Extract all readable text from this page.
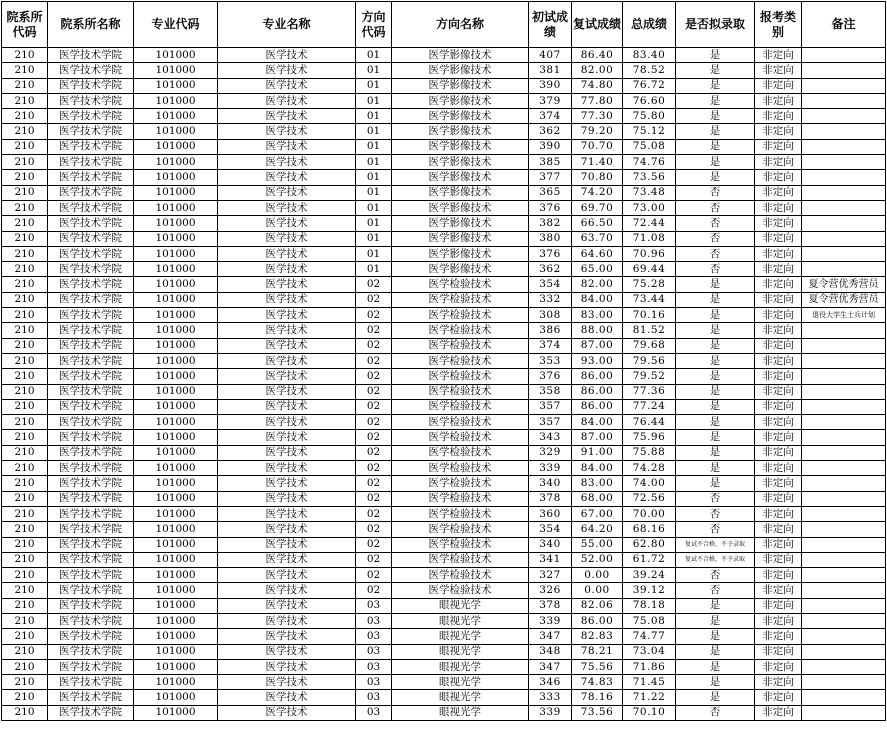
院系所代码	院系所名称	专业代码	专业名称	方向代码	方向名称	初试成绩	复试成绩	总成绩	是否拟录取	报考类别	备注
210	医学技术学院	101000	医学技术	01	医学影像技术	407	86.40	83.40	是	非定向	
210	医学技术学院	101000	医学技术	01	医学影像技术	381	82.00	78.52	是	非定向	
210	医学技术学院	101000	医学技术	01	医学影像技术	390	74.80	76.72	是	非定向	
210	医学技术学院	101000	医学技术	01	医学影像技术	379	77.80	76.60	是	非定向	
210	医学技术学院	101000	医学技术	01	医学影像技术	374	77.30	75.80	是	非定向	
210	医学技术学院	101000	医学技术	01	医学影像技术	362	79.20	75.12	是	非定向	
210	医学技术学院	101000	医学技术	01	医学影像技术	390	70.70	75.08	是	非定向	
210	医学技术学院	101000	医学技术	01	医学影像技术	385	71.40	74.76	是	非定向	
210	医学技术学院	101000	医学技术	01	医学影像技术	377	70.80	73.56	是	非定向	
210	医学技术学院	101000	医学技术	01	医学影像技术	365	74.20	73.48	否	非定向	
210	医学技术学院	101000	医学技术	01	医学影像技术	376	69.70	73.00	否	非定向	
210	医学技术学院	101000	医学技术	01	医学影像技术	382	66.50	72.44	否	非定向	
210	医学技术学院	101000	医学技术	01	医学影像技术	380	63.70	71.08	否	非定向	
210	医学技术学院	101000	医学技术	01	医学影像技术	376	64.60	70.96	否	非定向	
210	医学技术学院	101000	医学技术	01	医学影像技术	362	65.00	69.44	否	非定向	
210	医学技术学院	101000	医学技术	02	医学检验技术	354	82.00	75.28	是	非定向	夏令营优秀营员
210	医学技术学院	101000	医学技术	02	医学检验技术	332	84.00	73.44	是	非定向	夏令营优秀营员
210	医学技术学院	101000	医学技术	02	医学检验技术	308	83.00	70.16	是	非定向	退役大学生士兵计划
210	医学技术学院	101000	医学技术	02	医学检验技术	386	88.00	81.52	是	非定向	
210	医学技术学院	101000	医学技术	02	医学检验技术	374	87.00	79.68	是	非定向	
210	医学技术学院	101000	医学技术	02	医学检验技术	353	93.00	79.56	是	非定向	
210	医学技术学院	101000	医学技术	02	医学检验技术	376	86.00	79.52	是	非定向	
210	医学技术学院	101000	医学技术	02	医学检验技术	358	86.00	77.36	是	非定向	
210	医学技术学院	101000	医学技术	02	医学检验技术	357	86.00	77.24	是	非定向	
210	医学技术学院	101000	医学技术	02	医学检验技术	357	84.00	76.44	是	非定向	
210	医学技术学院	101000	医学技术	02	医学检验技术	343	87.00	75.96	是	非定向	
210	医学技术学院	101000	医学技术	02	医学检验技术	329	91.00	75.88	是	非定向	
210	医学技术学院	101000	医学技术	02	医学检验技术	339	84.00	74.28	是	非定向	
210	医学技术学院	101000	医学技术	02	医学检验技术	340	83.00	74.00	是	非定向	
210	医学技术学院	101000	医学技术	02	医学检验技术	378	68.00	72.56	否	非定向	
210	医学技术学院	101000	医学技术	02	医学检验技术	360	67.00	70.00	否	非定向	
210	医学技术学院	101000	医学技术	02	医学检验技术	354	64.20	68.16	否	非定向	
210	医学技术学院	101000	医学技术	02	医学检验技术	340	55.00	62.80	复试不合格，不予录取	非定向	
210	医学技术学院	101000	医学技术	02	医学检验技术	341	52.00	61.72	复试不合格，不予录取	非定向	
210	医学技术学院	101000	医学技术	02	医学检验技术	327	0.00	39.24	否	非定向	
210	医学技术学院	101000	医学技术	02	医学检验技术	326	0.00	39.12	否	非定向	
210	医学技术学院	101000	医学技术	03	眼视光学	378	82.06	78.18	是	非定向	
210	医学技术学院	101000	医学技术	03	眼视光学	339	86.00	75.08	是	非定向	
210	医学技术学院	101000	医学技术	03	眼视光学	347	82.83	74.77	是	非定向	
210	医学技术学院	101000	医学技术	03	眼视光学	348	78.21	73.04	是	非定向	
210	医学技术学院	101000	医学技术	03	眼视光学	347	75.56	71.86	是	非定向	
210	医学技术学院	101000	医学技术	03	眼视光学	346	74.83	71.45	是	非定向	
210	医学技术学院	101000	医学技术	03	眼视光学	333	78.16	71.22	是	非定向	
210	医学技术学院	101000	医学技术	03	眼视光学	339	73.56	70.10	否	非定向	
